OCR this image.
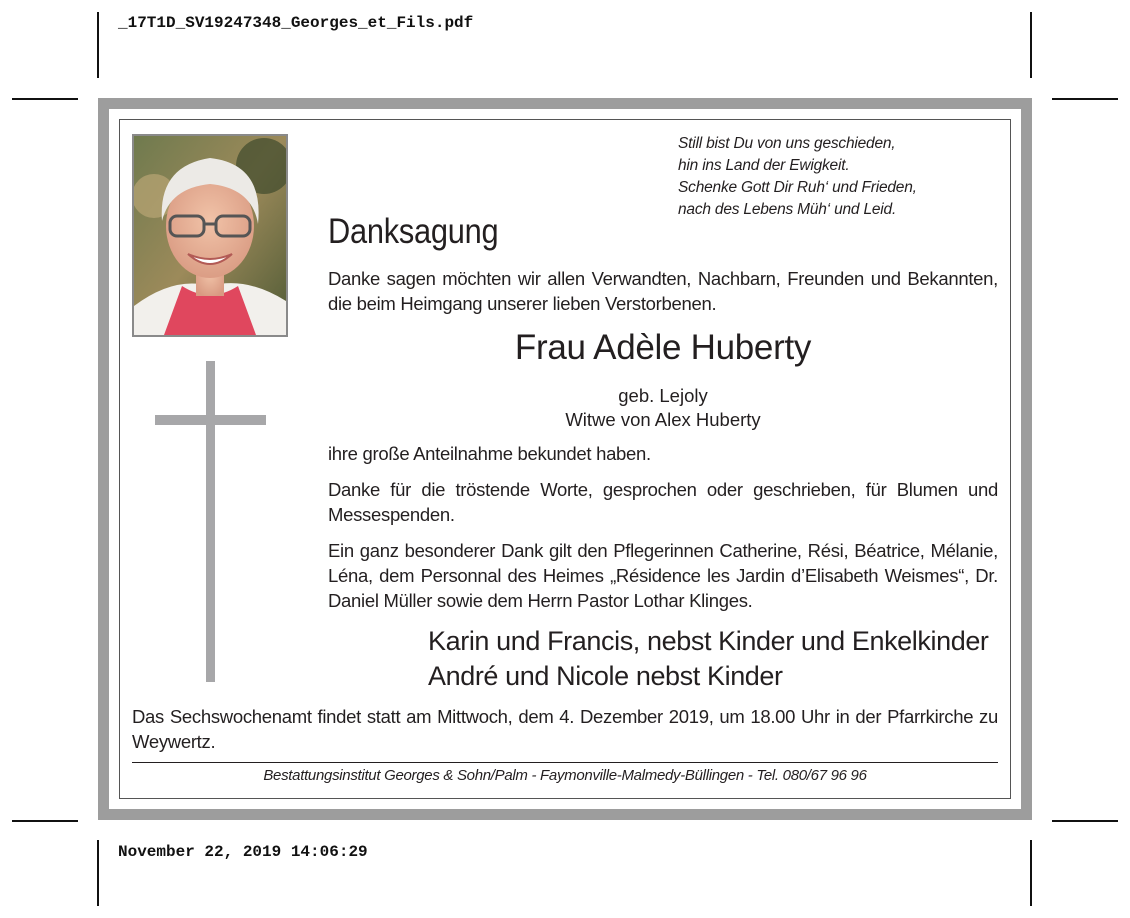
_17T1D_SV19247348_Georges_et_Fils.pdf
November 22, 2019 14:06:29
Still bist Du von uns geschieden,
hin ins Land der Ewigkeit.
Schenke Gott Dir Ruh‘ und Frieden,
nach des Lebens Müh‘ und Leid.
Danksagung
Danke sagen möchten wir allen Verwandten, Nachbarn, Freunden und Bekannten, die beim Heimgang unserer lieben Verstorbenen.
Frau Adèle Huberty
geb. Lejoly
Witwe von Alex Huberty
ihre große Anteilnahme bekundet haben.
Danke für die tröstende Worte, gesprochen oder geschrieben, für Blumen und Messespenden.
Ein ganz besonderer Dank gilt den Pflegerinnen Catherine, Rési, Béatrice, Mélanie, Léna, dem Personnal des Heimes „Résidence les Jardin d’Elisabeth Weismes“, Dr. Daniel Müller sowie dem Herrn Pastor Lothar Klinges.
Karin und Francis, nebst Kinder und Enkelkinder
André und Nicole nebst Kinder
Das Sechswochenamt findet statt am Mittwoch, dem 4. Dezember 2019, um 18.00 Uhr in der Pfarrkirche zu Weywertz.
Bestattungsinstitut Georges & Sohn/Palm - Faymonville-Malmedy-Büllingen - Tel. 080/67 96 96
